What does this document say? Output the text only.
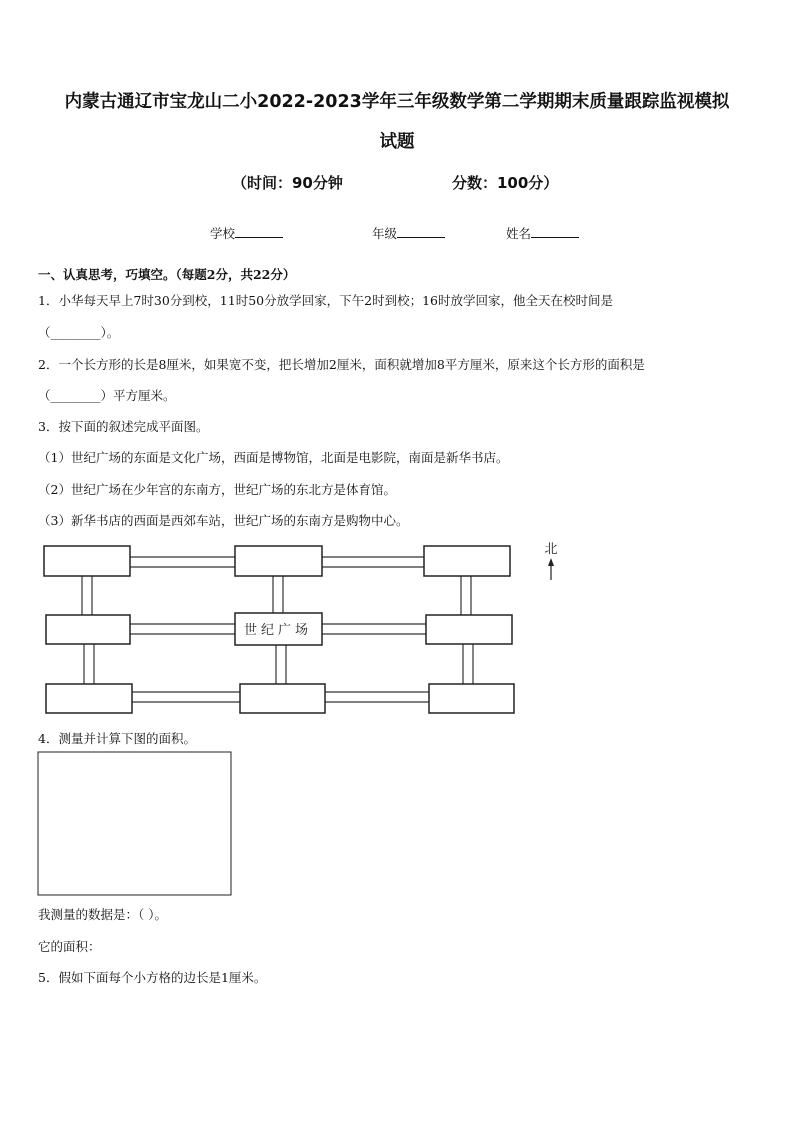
内蒙古通辽市宝龙山二小2022-2023学年三年级数学第二学期期末质量跟踪监视模拟
试题
（时间：90分钟	分数：100分）
学校	年级	姓名
一、认真思考，巧填空。（每题2分，共22分）
1．小华每天早上7时30分到校，11时50分放学回家，下午2时到校；16时放学回家，他全天在校时间是
（________）。
2．一个长方形的长是8厘米，如果宽不变，把长增加2厘米，面积就增加8平方厘米，原来这个长方形的面积是
（________）平方厘米。
3．按下面的叙述完成平面图。
（1）世纪广场的东面是文化广场，西面是博物馆，北面是电影院，南面是新华书店。
（2）世纪广场在少年宫的东南方，世纪广场的东北方是体育馆。
（3）新华书店的西面是西郊车站，世纪广场的东南方是购物中心。
世纪广场
北
4．测量并计算下图的面积。
我测量的数据是：（ ）。
它的面积：
5．假如下面每个小方格的边长是1厘米。
